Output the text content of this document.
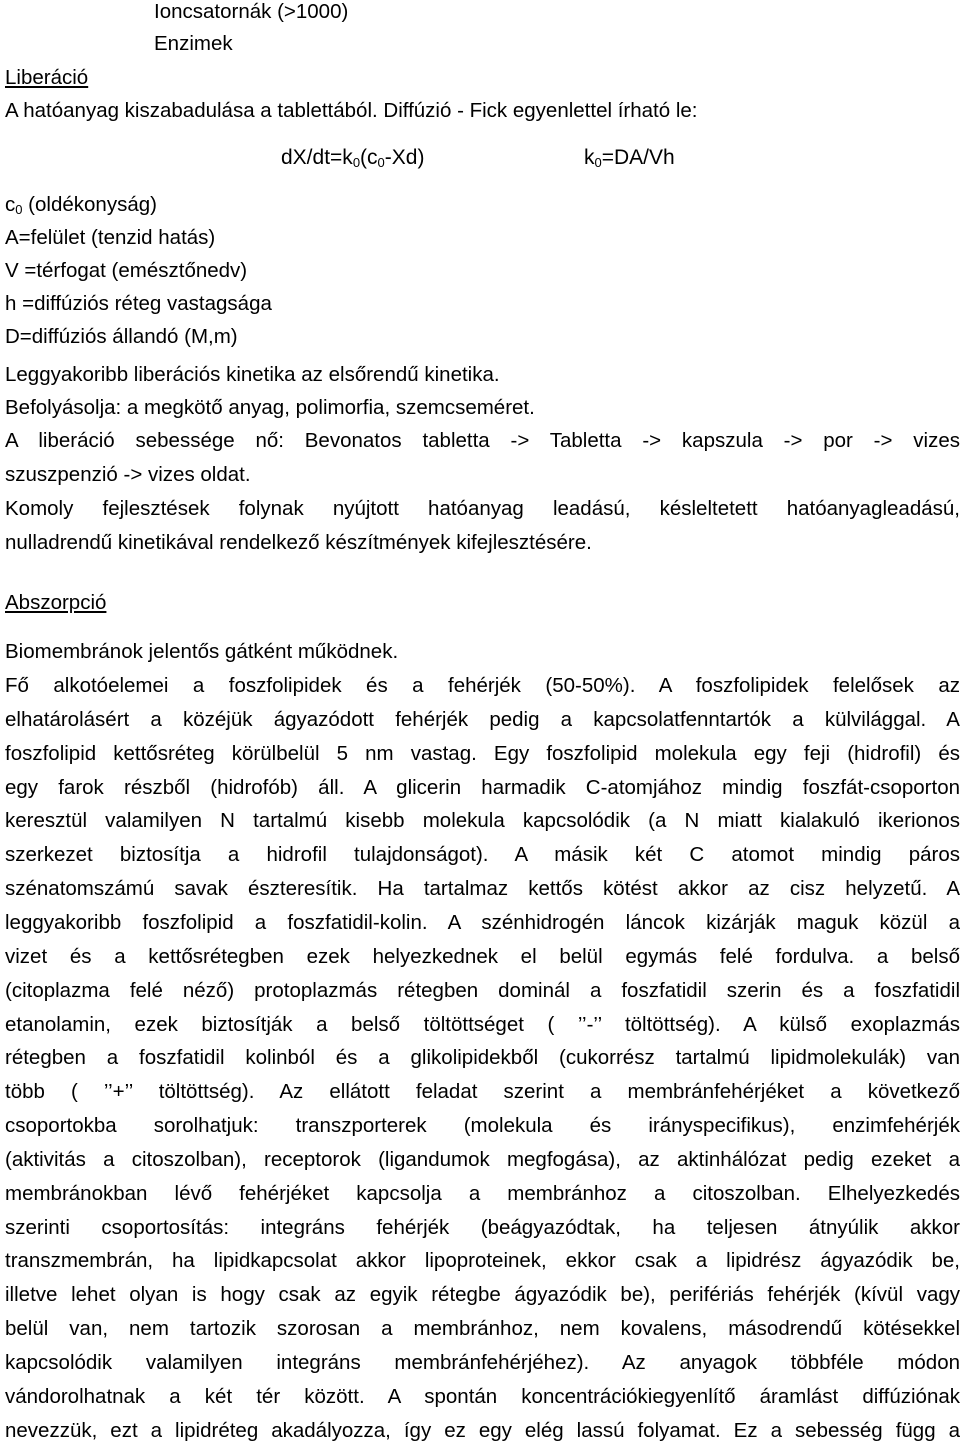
Ioncsatornák (>1000)
Enzimek
Liberáció
A hatóanyag kiszabadulása a tablettából. Diffúzió - Fick egyenlettel írható le:
$dX/dt=k_0(c_0-Xd)$	$k_0=DA/Vh$
$c_0$ (oldékonyság)
A=felület (tenzid hatás)
V =térfogat (emésztőnedv)
h =diffúziós réteg vastagsága
D=diffúziós állandó (M,m)
Leggyakoribb liberációs kinetika az elsőrendű kinetika.
Befolyásolja: a megkötő anyag, polimorfia, szemcseméret.
A liberáció sebessége nő: Bevonatos tabletta -> Tabletta -> kapszula -> por -> vizes
szuszpenzió -> vizes oldat.
Komoly fejlesztések folynak nyújtott hatóanyag leadású, késleltetett hatóanyagleadású,
nulladrendű kinetikával rendelkező készítmények kifejlesztésére.
Abszorpció
Biomembránok jelentős gátként működnek.
Fő alkotóelemei a foszfolipidek és a fehérjék (50-50%). A foszfolipidek felelősek az
elhatárolásért a közéjük ágyazódott fehérjék pedig a kapcsolatfenntartók a külvilággal. A
foszfolipid kettősréteg körülbelül 5 nm vastag. Egy foszfolipid molekula egy feji (hidrofil) és
egy farok részből (hidrofób) áll. A glicerin harmadik C-atomjához mindig foszfát-csoporton
keresztül valamilyen N tartalmú kisebb molekula kapcsolódik (a N miatt kialakuló ikerionos
szerkezet biztosítja a hidrofil tulajdonságot). A másik két C atomot mindig páros
szénatomszámú savak észteresítik. Ha tartalmaz kettős kötést akkor az cisz helyzetű. A
leggyakoribb foszfolipid a foszfatidil-kolin. A szénhidrogén láncok kizárják maguk közül a
vizet és a kettősrétegben ezek helyezkednek el belül egymás felé fordulva. a belső
(citoplazma felé néző) protoplazmás rétegben dominál a foszfatidil szerin és a foszfatidil
etanolamin, ezek biztosítják a belső töltöttséget ( ’’-’’ töltöttség). A külső exoplazmás
rétegben a foszfatidil kolinból és a glikolipidekből (cukorrész tartalmú lipidmolekulák) van
több ( ’’+’’ töltöttség). Az ellátott feladat szerint a membránfehérjéket a következő
csoportokba sorolhatjuk: transzporterek (molekula és irányspecifikus), enzimfehérjék
(aktivitás a citoszolban), receptorok (ligandumok megfogása), az aktinhálózat pedig ezeket a
membránokban lévő fehérjéket kapcsolja a membránhoz a citoszolban. Elhelyezkedés
szerinti csoportosítás: integráns fehérjék (beágyazódtak, ha teljesen átnyúlik akkor
transzmembrán, ha lipidkapcsolat akkor lipoproteinek, ekkor csak a lipidrész ágyazódik be,
illetve lehet olyan is hogy csak az egyik rétegbe ágyazódik be), perifériás fehérjék (kívül vagy
belül van, nem tartozik szorosan a membránhoz, nem kovalens, másodrendű kötésekkel
kapcsolódik valamilyen integráns membránfehérjéhez). Az anyagok többféle módon
vándorolhatnak a két tér között. A spontán koncentrációkiegyenlítő áramlást diffúziónak
nevezzük, ezt a lipidréteg akadályozza, így ez egy elég lassú folyamat. Ez a sebesség függ a
